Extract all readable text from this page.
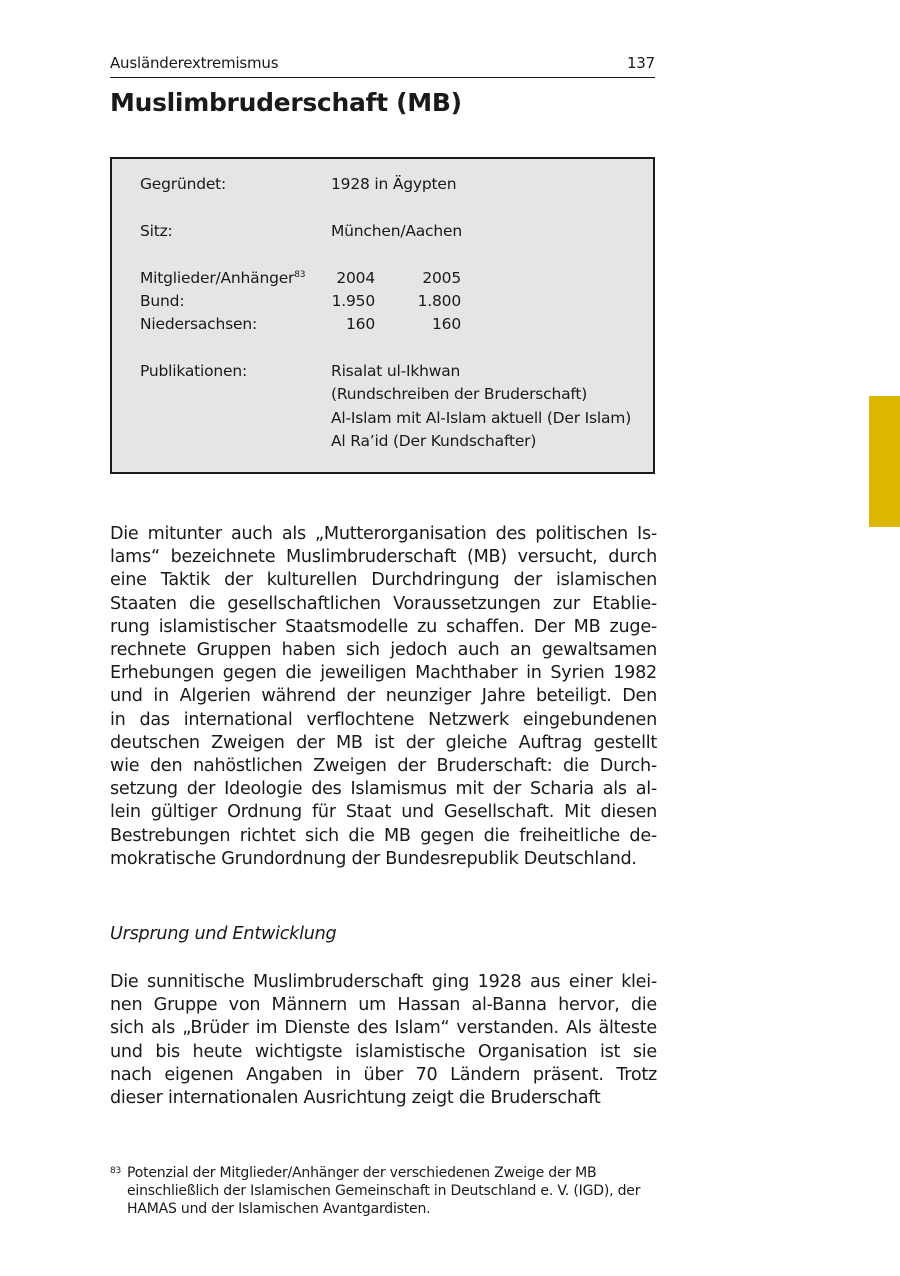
Ausländerextremismus	137
Muslimbruderschaft (MB)
Gegründet:	1928 in Ägypten
Sitz:	München/Aachen
Mitglieder/Anhänger$^{83}$	2004	2005
Bund:	1.950	1.800
Niedersachsen:	160	160
Publikationen:	Risalat ul-Ikhwan
(Rundschreiben der Bruderschaft)
Al-Islam mit Al-Islam aktuell (Der Islam)
Al Ra’id (Der Kundschafter)

Die mitunter auch als „Mutterorganisation des politischen Is-
lams“ bezeichnete Muslimbruderschaft (MB) versucht, durch
eine Taktik der kulturellen Durchdringung der islamischen
Staaten die gesellschaftlichen Voraussetzungen zur Etablie-
rung islamistischer Staatsmodelle zu schaffen. Der MB zuge-
rechnete Gruppen haben sich jedoch auch an gewaltsamen
Erhebungen gegen die jeweiligen Machthaber in Syrien 1982
und in Algerien während der neunziger Jahre beteiligt. Den
in das international verflochtene Netzwerk eingebundenen
deutschen Zweigen der MB ist der gleiche Auftrag gestellt
wie den nahöstlichen Zweigen der Bruderschaft: die Durch-
setzung der Ideologie des Islamismus mit der Scharia als al-
lein gültiger Ordnung für Staat und Gesellschaft. Mit diesen
Bestrebungen richtet sich die MB gegen die freiheitliche de-
mokratische Grundordnung der Bundesrepublik Deutschland.

Ursprung und Entwicklung

Die sunnitische Muslimbruderschaft ging 1928 aus einer klei-
nen Gruppe von Männern um Hassan al-Banna hervor, die
sich als „Brüder im Dienste des Islam“ verstanden. Als älteste
und bis heute wichtigste islamistische Organisation ist sie
nach eigenen Angaben in über 70 Ländern präsent. Trotz
dieser internationalen Ausrichtung zeigt die Bruderschaft

83 Potenzial der Mitglieder/Anhänger der verschiedenen Zweige der MB
einschließlich der Islamischen Gemeinschaft in Deutschland e. V. (IGD), der
HAMAS und der Islamischen Avantgardisten.
